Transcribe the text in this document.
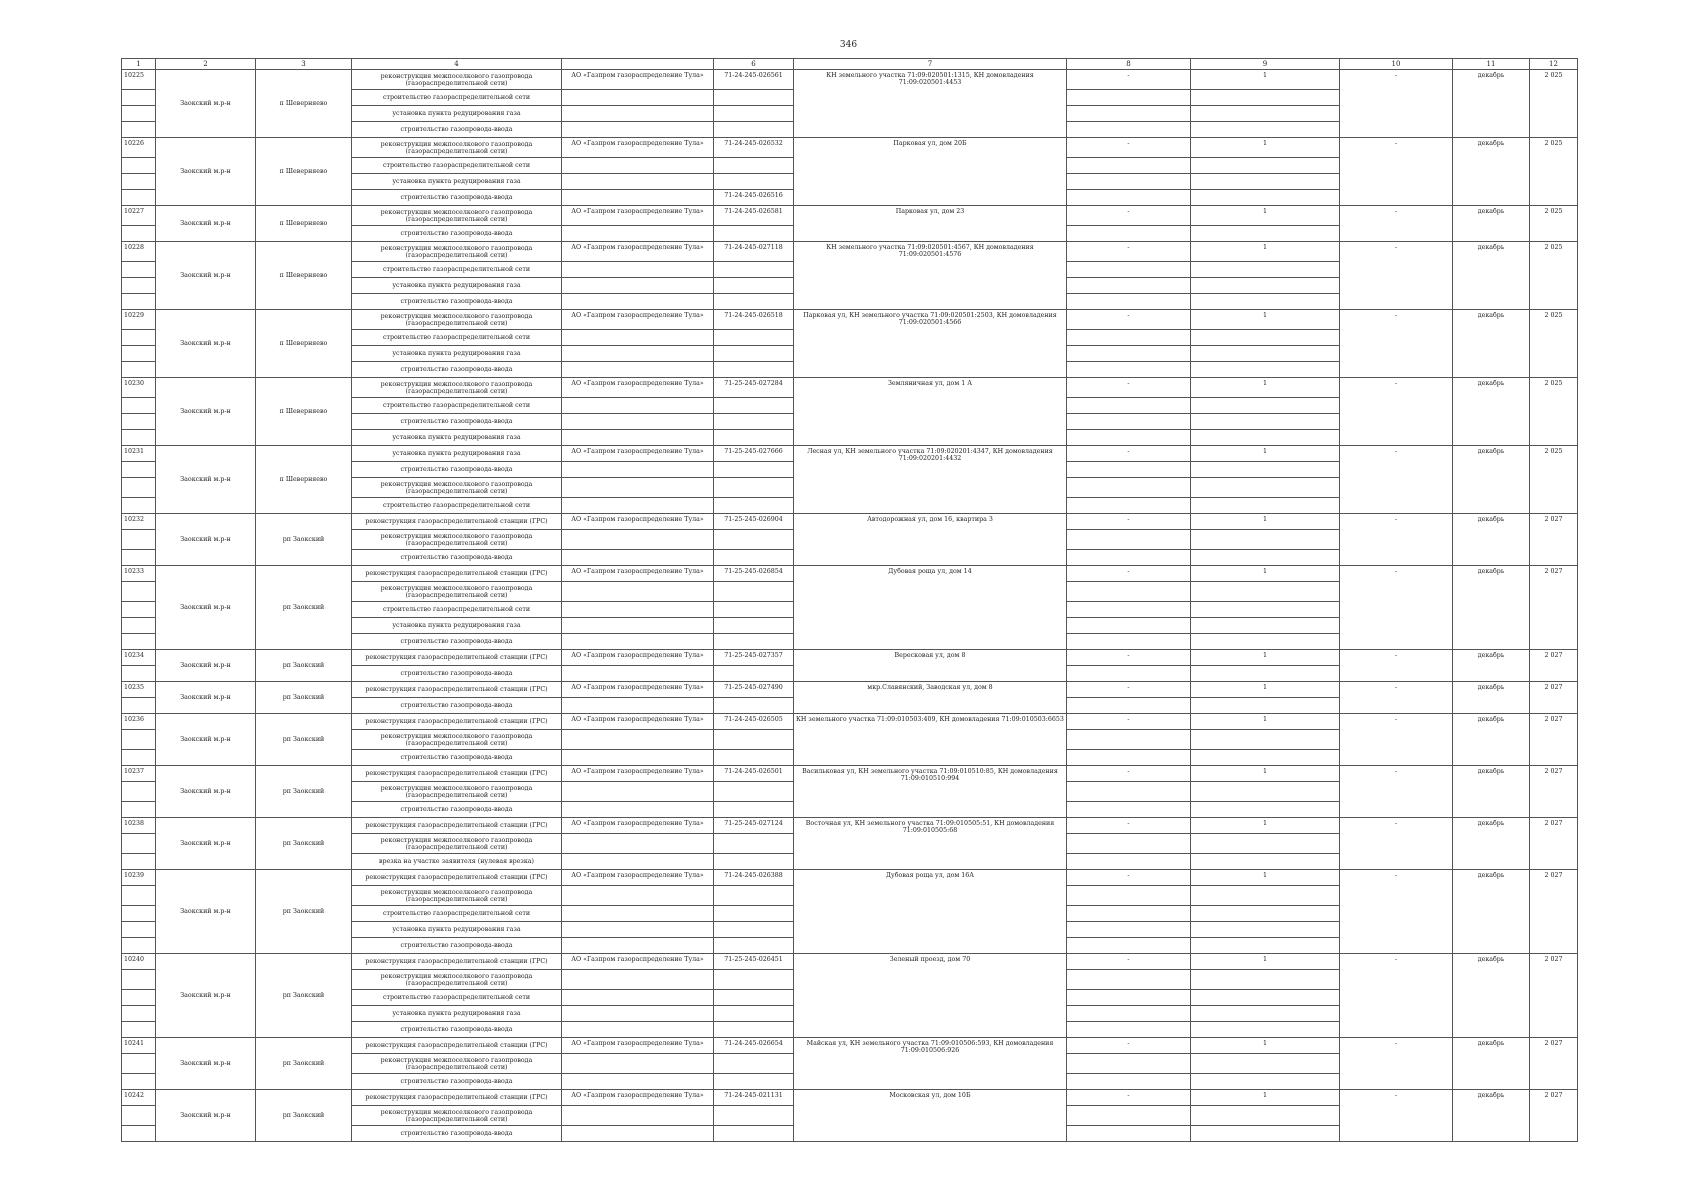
346
1	2	3	4		6	7	8	9	10	11	12
10225	Заокский м.р-н	п Шеверняево	реконструкция межпоселкового газопровода (газораспределительной сети)	АО «Газпром газораспределение Тула»	71-24-245-026561	КН земельного участка 71:09:020501:1315, КН домовладения 71:09:020501:4453	-	1	-	декабрь	2 025
			строительство газораспределительной сети								
			установка пункта редуцирования газа								
			строительство газопровода-ввода								
10226	Заокский м.р-н	п Шеверняево	реконструкция межпоселкового газопровода (газораспределительной сети)	АО «Газпром газораспределение Тула»	71-24-245-026532	Парковая ул, дом 20Б	-	1	-	декабрь	2 025
			строительство газораспределительной сети								
			установка пункта редуцирования газа								
			строительство газопровода-ввода		71-24-245-026516						
10227	Заокский м.р-н	п Шеверняево	реконструкция межпоселкового газопровода (газораспределительной сети)	АО «Газпром газораспределение Тула»	71-24-245-026581	Парковая ул, дом 23	-	1	-	декабрь	2 025
			строительство газопровода-ввода								
10228	Заокский м.р-н	п Шеверняево	реконструкция межпоселкового газопровода (газораспределительной сети)	АО «Газпром газораспределение Тула»	71-24-245-027118	КН земельного участка 71:09:020501:4567, КН домовладения 71:09:020501:4576	-	1	-	декабрь	2 025
			строительство газораспределительной сети								
			установка пункта редуцирования газа								
			строительство газопровода-ввода								
10229	Заокский м.р-н	п Шеверняево	реконструкция межпоселкового газопровода (газораспределительной сети)	АО «Газпром газораспределение Тула»	71-24-245-026518	Парковая ул, КН земельного участка 71:09:020501:2503, КН домовладения 71:09:020501:4566	-	1	-	декабрь	2 025
			строительство газораспределительной сети								
			установка пункта редуцирования газа								
			строительство газопровода-ввода								
10230	Заокский м.р-н	п Шеверняево	реконструкция межпоселкового газопровода (газораспределительной сети)	АО «Газпром газораспределение Тула»	71-25-245-027284	Земляничная ул, дом 1 А	-	1	-	декабрь	2 025
			строительство газораспределительной сети								
			строительство газопровода-ввода								
			установка пункта редуцирования газа								
10231	Заокский м.р-н	п Шеверняево	установка пункта редуцирования газа	АО «Газпром газораспределение Тула»	71-25-245-027666	Лесная ул, КН земельного участка 71:09:020201:4347, КН домовладения 71:09:020201:4432	-	1	-	декабрь	2 025
			строительство газопровода-ввода								
			реконструкция межпоселкового газопровода (газораспределительной сети)								
			строительство газораспределительной сети								
10232	Заокский м.р-н	рп Заокский	реконструкция газораспределительной станции (ГРС)	АО «Газпром газораспределение Тула»	71-25-245-026904	Автодорожная ул, дом 16, квартира 3	-	1	-	декабрь	2 027
			реконструкция межпоселкового газопровода (газораспределительной сети)								
			строительство газопровода-ввода								
10233	Заокский м.р-н	рп Заокский	реконструкция газораспределительной станции (ГРС)	АО «Газпром газораспределение Тула»	71-25-245-026854	Дубовая роща ул, дом 14	-	1	-	декабрь	2 027
			реконструкция межпоселкового газопровода (газораспределительной сети)								
			строительство газораспределительной сети								
			установка пункта редуцирования газа								
			строительство газопровода-ввода								
10234	Заокский м.р-н	рп Заокский	реконструкция газораспределительной станции (ГРС)	АО «Газпром газораспределение Тула»	71-25-245-027357	Вересковая ул, дом 8	-	1	-	декабрь	2 027
			строительство газопровода-ввода								
10235	Заокский м.р-н	рп Заокский	реконструкция газораспределительной станции (ГРС)	АО «Газпром газораспределение Тула»	71-25-245-027490	мкр.Славянский, Заводская ул, дом 8	-	1	-	декабрь	2 027
			строительство газопровода-ввода								
10236	Заокский м.р-н	рп Заокский	реконструкция газораспределительной станции (ГРС)	АО «Газпром газораспределение Тула»	71-24-245-026505	КН земельного участка 71:09:010503:409, КН домовладения 71:09:010503:6653	-	1	-	декабрь	2 027
			реконструкция межпоселкового газопровода (газораспределительной сети)								
			строительство газопровода-ввода								
10237	Заокский м.р-н	рп Заокский	реконструкция газораспределительной станции (ГРС)	АО «Газпром газораспределение Тула»	71-24-245-026501	Васильковая ул, КН земельного участка 71:09:010510:85, КН домовладения 71:09:010510:994	-	1	-	декабрь	2 027
			реконструкция межпоселкового газопровода (газораспределительной сети)								
			строительство газопровода-ввода								
10238	Заокский м.р-н	рп Заокский	реконструкция газораспределительной станции (ГРС)	АО «Газпром газораспределение Тула»	71-25-245-027124	Восточная ул, КН земельного участка 71:09:010505:51, КН домовладения 71:09:010505:68	-	1	-	декабрь	2 027
			реконструкция межпоселкового газопровода (газораспределительной сети)								
			врезка на участке заявителя (нулевая врезка)								
10239	Заокский м.р-н	рп Заокский	реконструкция газораспределительной станции (ГРС)	АО «Газпром газораспределение Тула»	71-24-245-026388	Дубовая роща ул, дом 16А	-	1	-	декабрь	2 027
			реконструкция межпоселкового газопровода (газораспределительной сети)								
			строительство газораспределительной сети								
			установка пункта редуцирования газа								
			строительство газопровода-ввода								
10240	Заокский м.р-н	рп Заокский	реконструкция газораспределительной станции (ГРС)	АО «Газпром газораспределение Тула»	71-25-245-026451	Зеленый проезд, дом 70	-	1	-	декабрь	2 027
			реконструкция межпоселкового газопровода (газораспределительной сети)								
			строительство газораспределительной сети								
			установка пункта редуцирования газа								
			строительство газопровода-ввода								
10241	Заокский м.р-н	рп Заокский	реконструкция газораспределительной станции (ГРС)	АО «Газпром газораспределение Тула»	71-24-245-026654	Майская ул, КН земельного участка 71:09:010506:593, КН домовладения 71:09:010506:926	-	1	-	декабрь	2 027
			реконструкция межпоселкового газопровода (газораспределительной сети)								
			строительство газопровода-ввода								
10242	Заокский м.р-н	рп Заокский	реконструкция газораспределительной станции (ГРС)	АО «Газпром газораспределение Тула»	71-24-245-021131	Московская ул, дом 10Б	-	1	-	декабрь	2 027
			реконструкция межпоселкового газопровода (газораспределительной сети)								
			строительство газопровода-ввода								
